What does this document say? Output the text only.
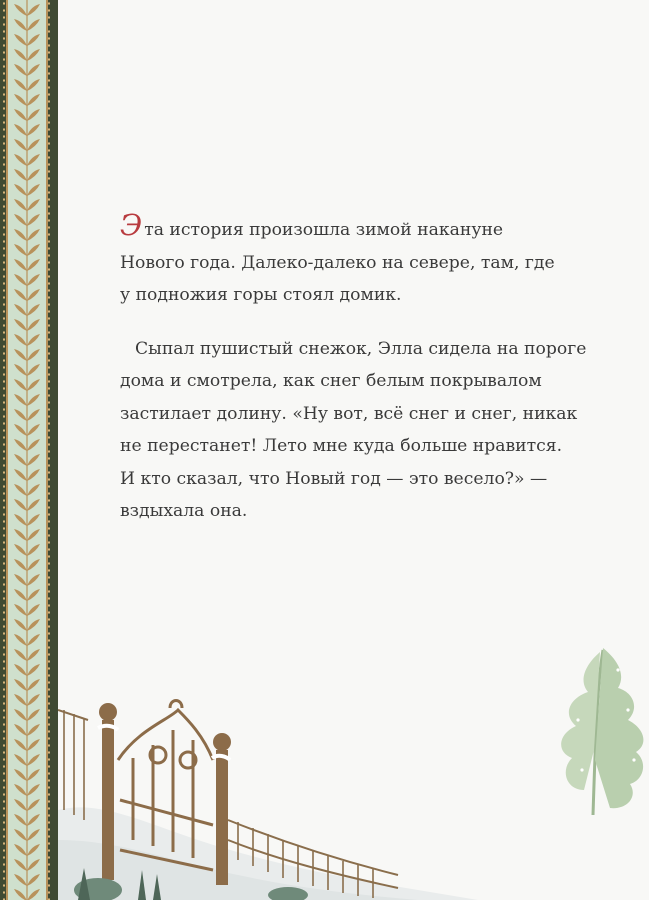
Эта история произошла зимой накануне
Нового года. Далеко-далеко на севере, там, где
у подножия горы стоял домик.

Сыпал пушистый снежок, Элла сидела на пороге
дома и смотрела, как снег белым покрывалом
застилает долину. «Ну вот, всё снег и снег, никак
не перестанет! Лето мне куда больше нравится.
И кто сказал, что Новый год — это весело?» —
вздыхала она.
